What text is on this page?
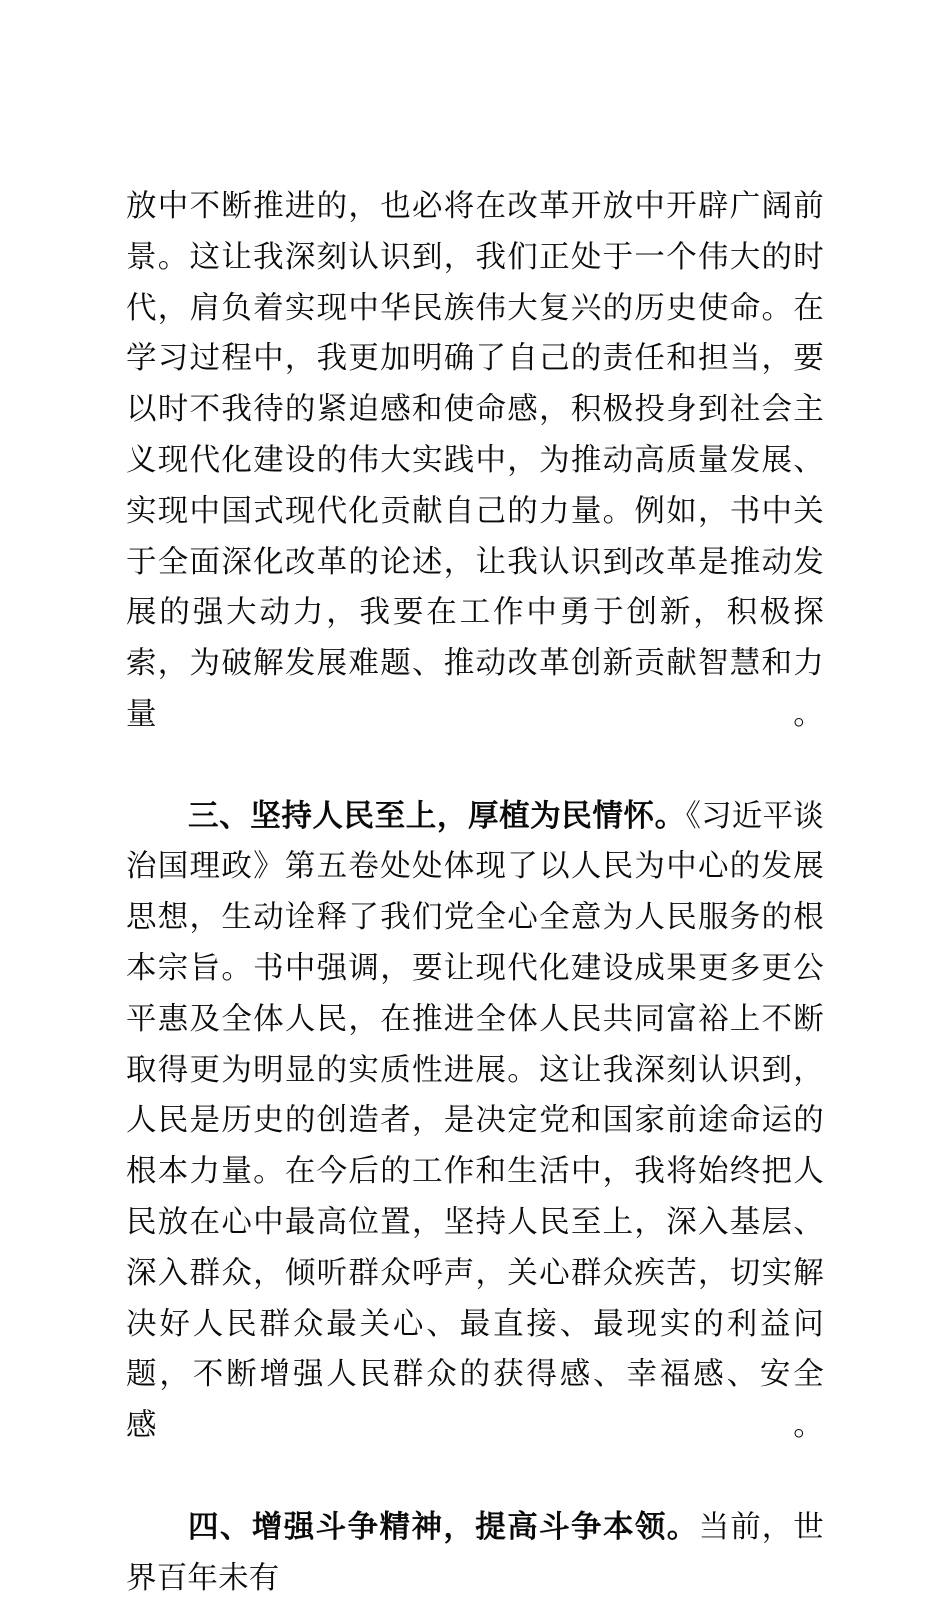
放中不断推进的，也必将在改革开放中开辟广阔前景。这让我深刻认识到，我们正处于一个伟大的时代，肩负着实现中华民族伟大复兴的历史使命。在学习过程中，我更加明确了自己的责任和担当，要以时不我待的紧迫感和使命感，积极投身到社会主义现代化建设的伟大实践中，为推动高质量发展、实现中国式现代化贡献自己的力量。例如，书中关于全面深化改革的论述，让我认识到改革是推动发展的强大动力，我要在工作中勇于创新，积极探索，为破解发展难题、推动改革创新贡献智慧和力量。

三、坚持人民至上，厚植为民情怀。《习近平谈治国理政》第五卷处处体现了以人民为中心的发展思想，生动诠释了我们党全心全意为人民服务的根本宗旨。书中强调，要让现代化建设成果更多更公平惠及全体人民，在推进全体人民共同富裕上不断取得更为明显的实质性进展。这让我深刻认识到，人民是历史的创造者，是决定党和国家前途命运的根本力量。在今后的工作和生活中，我将始终把人民放在心中最高位置，坚持人民至上，深入基层、深入群众，倾听群众呼声，关心群众疾苦，切实解决好人民群众最关心、最直接、最现实的利益问题，不断增强人民群众的获得感、幸福感、安全感。

四、增强斗争精神，提高斗争本领。当前，世界百年未有
